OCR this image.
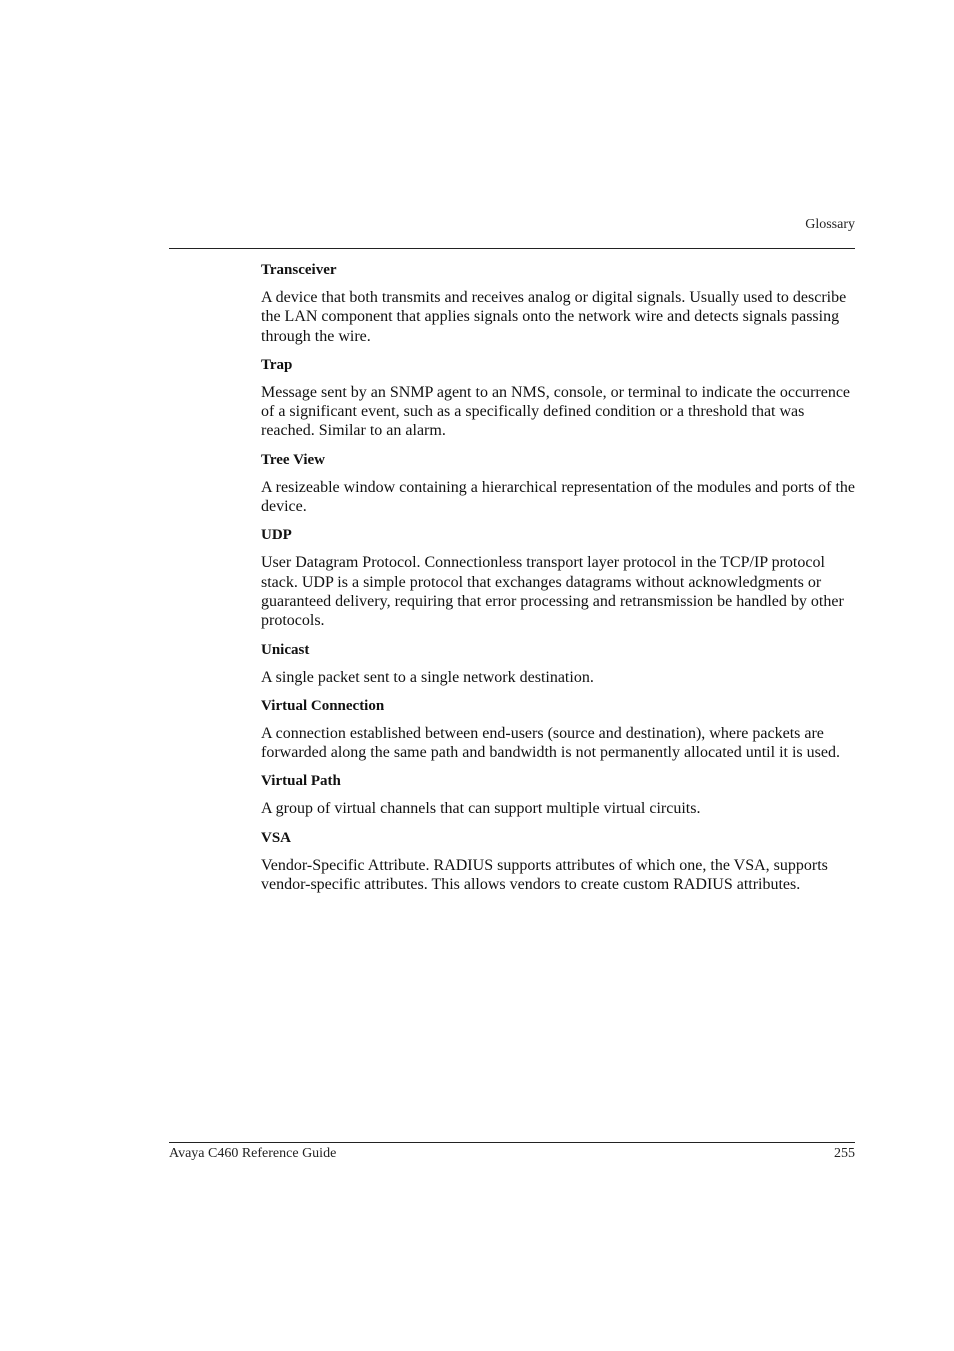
Glossary
Transceiver

A device that both transmits and receives analog or digital signals. Usually used to describe the LAN component that applies signals onto the network wire and detects signals passing through the wire.

Trap

Message sent by an SNMP agent to an NMS, console, or terminal to indicate the occurrence of a significant event, such as a specifically defined condition or a threshold that was reached. Similar to an alarm.

Tree View

A resizeable window containing a hierarchical representation of the modules and ports of the device.

UDP

User Datagram Protocol. Connectionless transport layer protocol in the TCP/IP protocol stack. UDP is a simple protocol that exchanges datagrams without acknowledgments or guaranteed delivery, requiring that error processing and retransmission be handled by other protocols.

Unicast

A single packet sent to a single network destination.

Virtual Connection

A connection established between end-users (source and destination), where packets are forwarded along the same path and bandwidth is not permanently allocated until it is used.

Virtual Path

A group of virtual channels that can support multiple virtual circuits.

VSA

Vendor-Specific Attribute. RADIUS supports attributes of which one, the VSA, supports vendor-specific attributes. This allows vendors to create custom RADIUS attributes.

Avaya C460 Reference Guide	255
